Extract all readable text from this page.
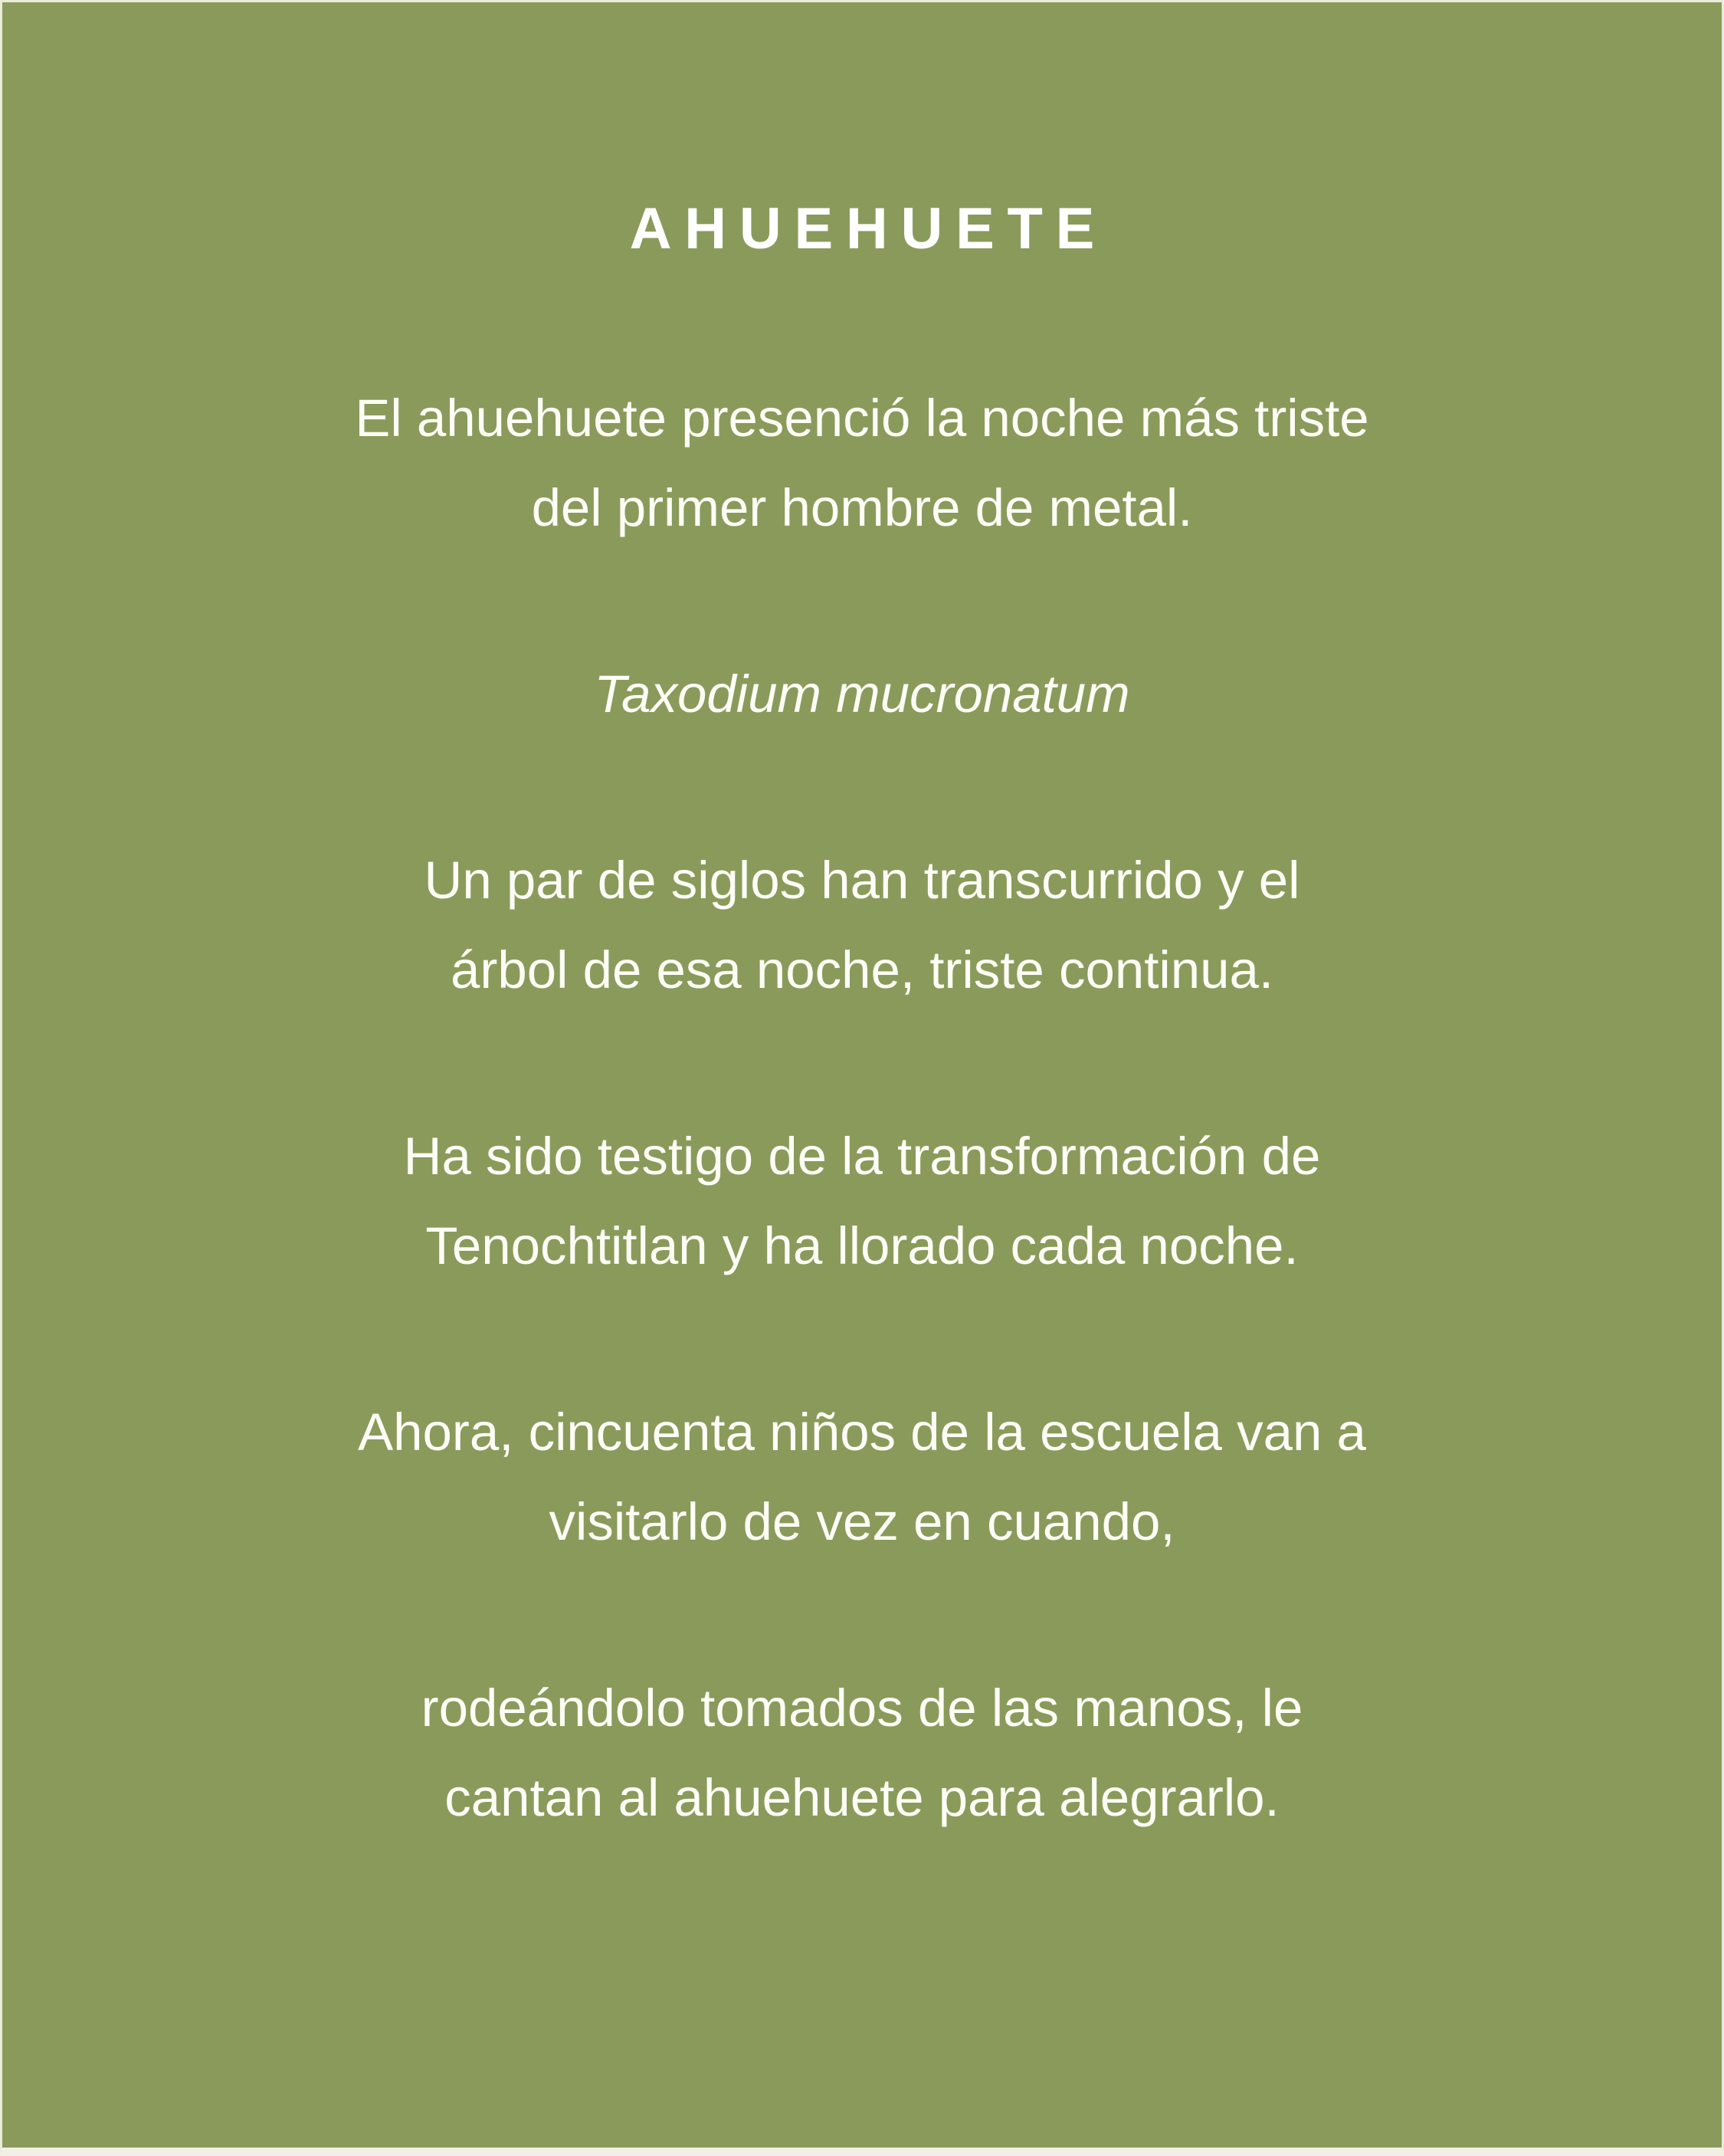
AHUEHUETE
El ahuehuete presenció la noche más triste
del primer hombre de metal.
Taxodium mucronatum
Un par de siglos han transcurrido y el
árbol de esa noche, triste continua.
Ha sido testigo de la transformación de
Tenochtitlan y ha llorado cada noche.
Ahora, cincuenta niños de la escuela van a
visitarlo de vez en cuando,
rodeándolo tomados de las manos, le
cantan al ahuehuete para alegrarlo.
